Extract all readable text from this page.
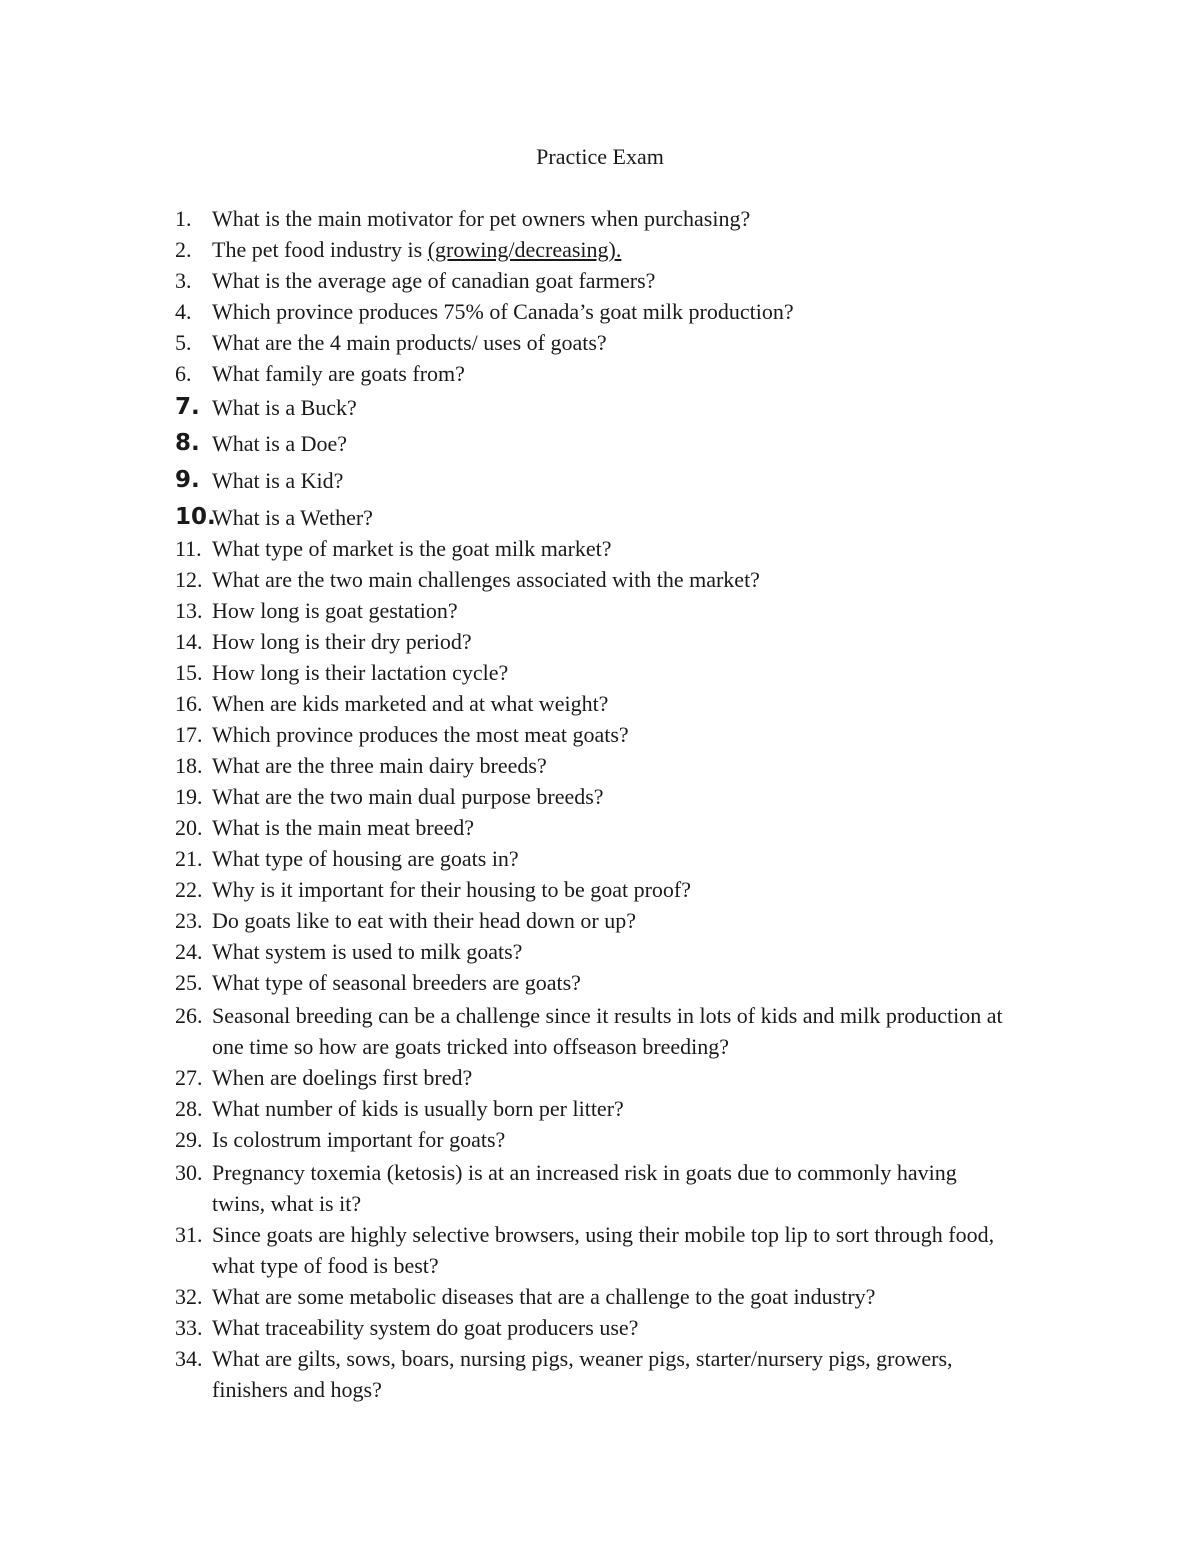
Practice Exam
1. What is the main motivator for pet owners when purchasing?
2. The pet food industry is (growing/decreasing).
3. What is the average age of canadian goat farmers?
4. Which province produces 75% of Canada’s goat milk production?
5. What are the 4 main products/ uses of goats?
6. What family are goats from?
7. What is a Buck?
8. What is a Doe?
9. What is a Kid?
10.
What is a Wether?
11. What type of market is the goat milk market?
12. What are the two main challenges associated with the market?
13. How long is goat gestation?
14. How long is their dry period?
15. How long is their lactation cycle?
16. When are kids marketed and at what weight?
17. Which province produces the most meat goats?
18. What are the three main dairy breeds?
19. What are the two main dual purpose breeds?
20. What is the main meat breed?
21. What type of housing are goats in?
22. Why is it important for their housing to be goat proof?
23. Do goats like to eat with their head down or up?
24. What system is used to milk goats?
25. What type of seasonal breeders are goats?
26. Seasonal breeding can be a challenge since it results in lots of kids and milk production at
one time so how are goats tricked into offseason breeding?
27. When are doelings first bred?
28. What number of kids is usually born per litter?
29. Is colostrum important for goats?
30. Pregnancy toxemia (ketosis) is at an increased risk in goats due to commonly having
twins, what is it?
31. Since goats are highly selective browsers, using their mobile top lip to sort through food,
what type of food is best?
32. What are some metabolic diseases that are a challenge to the goat industry?
33. What traceability system do goat producers use?
34. What are gilts, sows, boars, nursing pigs, weaner pigs, starter/nursery pigs, growers,
finishers and hogs?
